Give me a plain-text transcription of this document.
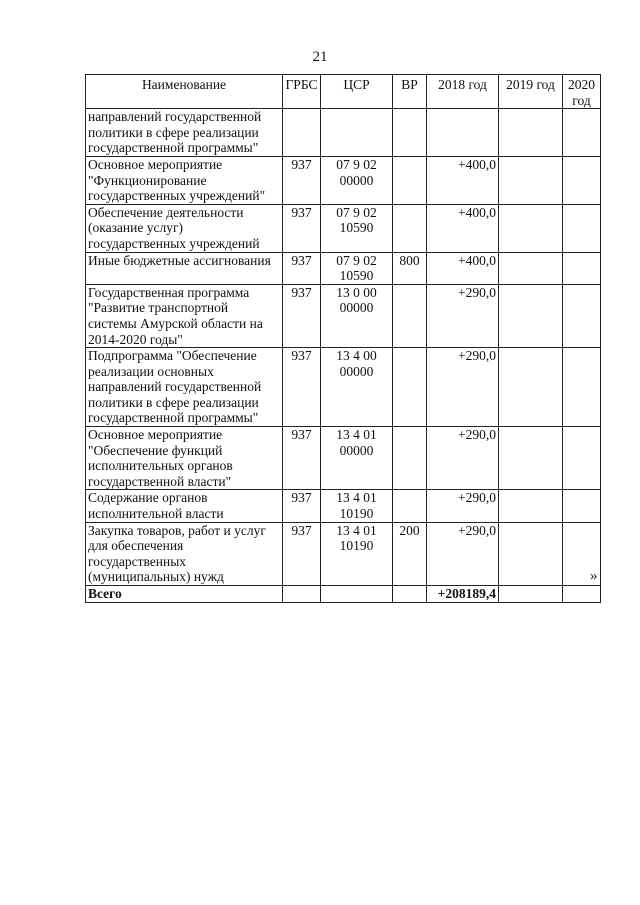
21
Наименование	ГРБС	ЦСР	ВР	2018 год	2019 год	2020 год
направлений государственной политики в сфере реализации государственной программы"						
Основное мероприятие "Функционирование государственных учреждений"	937	07 9 02 00000		+400,0		
Обеспечение деятельности (оказание услуг) государственных учреждений	937	07 9 02 10590		+400,0		
Иные бюджетные ассигнования	937	07 9 02 10590	800	+400,0		
Государственная программа "Развитие транспортной системы Амурской области на 2014-2020 годы"	937	13 0 00 00000		+290,0		
Подпрограмма "Обеспечение реализации основных направлений государственной политики в сфере реализации государственной программы"	937	13 4 00 00000		+290,0		
Основное мероприятие "Обеспечение функций исполнительных органов государственной власти"	937	13 4 01 00000		+290,0		
Содержание органов исполнительной власти	937	13 4 01 10190		+290,0		
Закупка товаров, работ и услуг для обеспечения государственных (муниципальных) нужд	937	13 4 01 10190	200	+290,0		
Всего				+208189,4		
»
